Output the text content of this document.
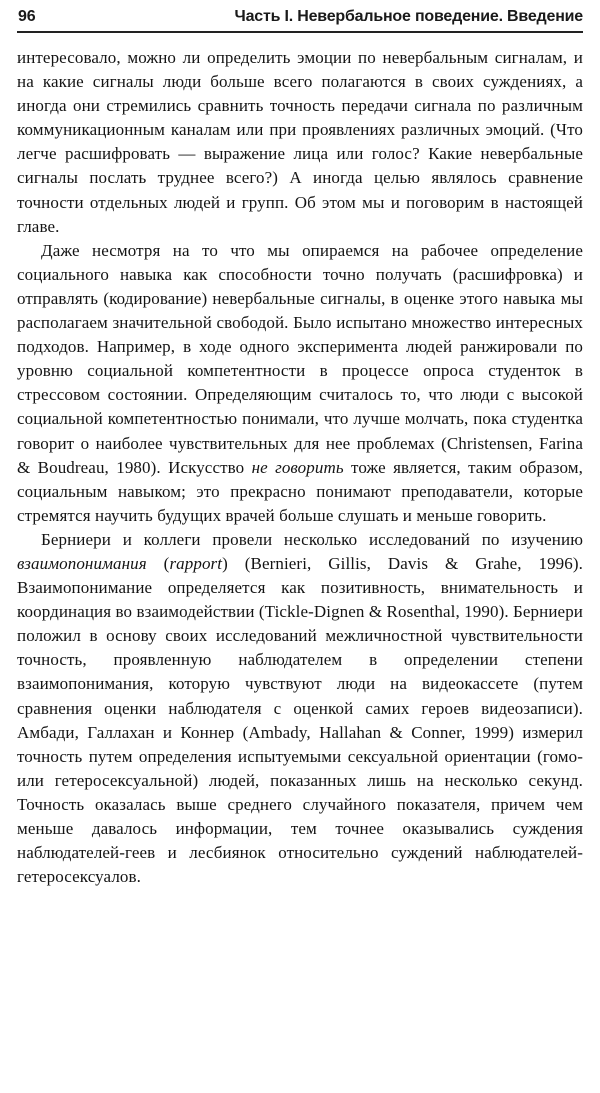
96	Часть I. Невербальное поведение. Введение

интересовало, можно ли определить эмоции по невербальным сигналам, и на какие сигналы люди больше всего полагаются в своих суждениях, а иногда они стремились сравнить точность передачи сигнала по различным коммуникационным каналам или при проявлениях различных эмоций. (Что легче расшифровать — выражение лица или голос? Какие невербальные сигналы послать труднее всего?) А иногда целью являлось сравнение точности отдельных людей и групп. Об этом мы и поговорим в настоящей главе.

Даже несмотря на то что мы опираемся на рабочее определение социального навыка как способности точно получать (расшифровка) и отправлять (кодирование) невербальные сигналы, в оценке этого навыка мы располагаем значительной свободой. Было испытано множество интересных подходов. Например, в ходе одного эксперимента людей ранжировали по уровню социальной компетентности в процессе опроса студенток в стрессовом состоянии. Определяющим считалось то, что люди с высокой социальной компетентностью понимали, что лучше молчать, пока студентка говорит о наиболее чувствительных для нее проблемах (Christensen, Farina & Boudreau, 1980). Искусство не говорить тоже является, таким образом, социальным навыком; это прекрасно понимают преподаватели, которые стремятся научить будущих врачей больше слушать и меньше говорить.

Берниери и коллеги провели несколько исследований по изучению взаимопонимания (rapport) (Bernieri, Gillis, Davis & Grahe, 1996). Взаимопонимание определяется как позитивность, внимательность и координация во взаимодействии (Tickle-Dignen & Rosenthal, 1990). Берниери положил в основу своих исследований межличностной чувствительности точность, проявленную наблюдателем в определении степени взаимопонимания, которую чувствуют люди на видеокассете (путем сравнения оценки наблюдателя с оценкой самих героев видеозаписи). Амбади, Галлахан и Коннер (Ambady, Hallahan & Conner, 1999) измерил точность путем определения испытуемыми сексуальной ориентации (гомо- или гетеросексуальной) людей, показанных лишь на несколько секунд. Точность оказалась выше среднего случайного показателя, причем чем меньше давалось информации, тем точнее оказывались суждения наблюдателей-геев и лесбиянок относительно суждений наблюдателей-гетеросексуалов.
